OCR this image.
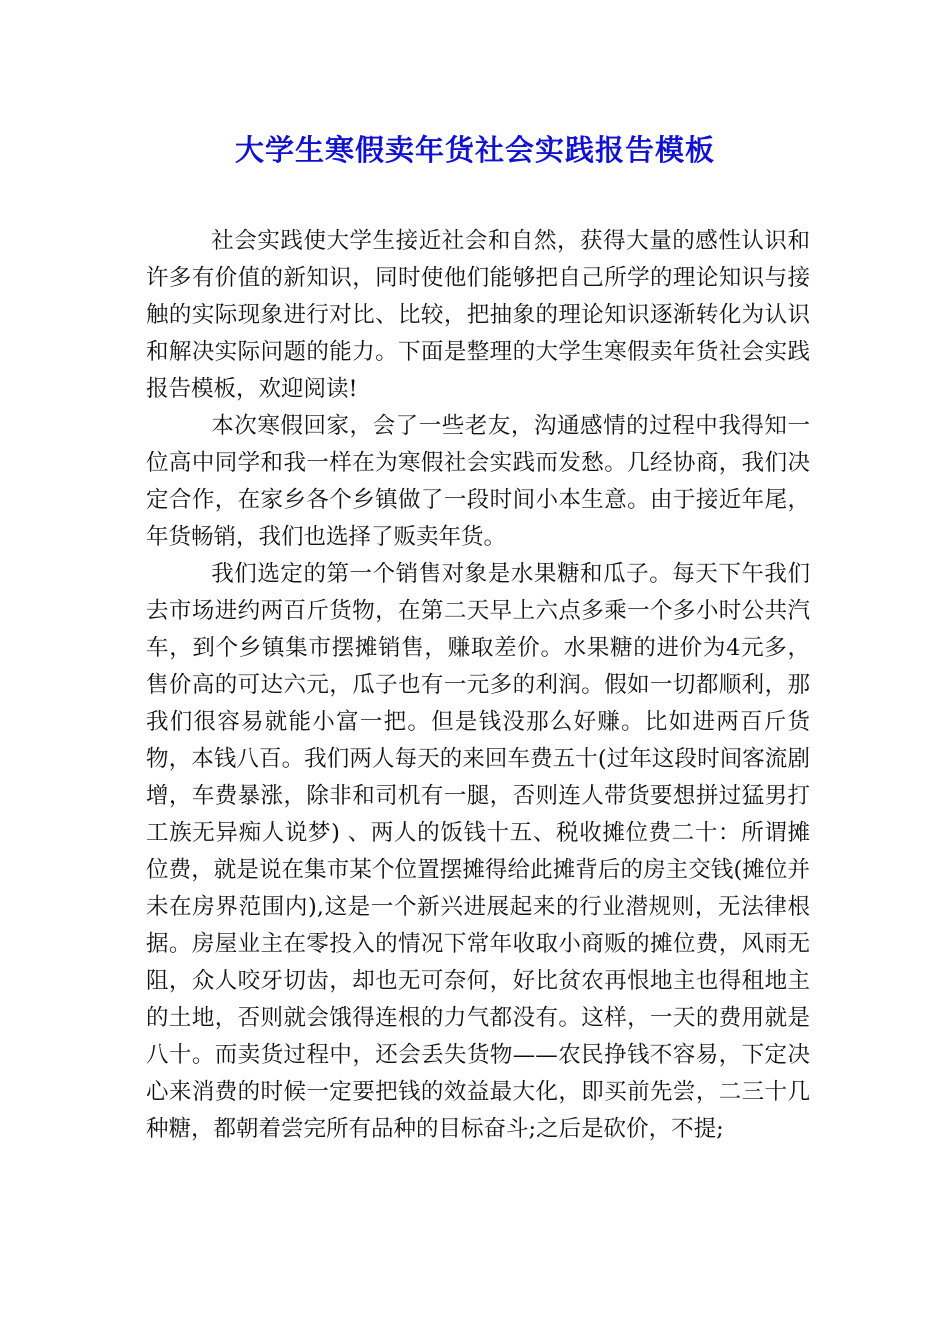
大学生寒假卖年货社会实践报告模板

社会实践使大学生接近社会和自然，获得大量的感性认识和许多有价值的新知识，同时使他们能够把自己所学的理论知识与接触的实际现象进行对比、比较，把抽象的理论知识逐渐转化为认识和解决实际问题的能力。下面是整理的大学生寒假卖年货社会实践报告模板，欢迎阅读!

本次寒假回家，会了一些老友，沟通感情的过程中我得知一位高中同学和我一样在为寒假社会实践而发愁。几经协商，我们决定合作，在家乡各个乡镇做了一段时间小本生意。由于接近年尾，年货畅销，我们也选择了贩卖年货。

我们选定的第一个销售对象是水果糖和瓜子。每天下午我们去市场进约两百斤货物，在第二天早上六点多乘一个多小时公共汽车，到个乡镇集市摆摊销售，赚取差价。水果糖的进价为4元多，售价高的可达六元，瓜子也有一元多的利润。假如一切都顺利，那我们很容易就能小富一把。但是钱没那么好赚。比如进两百斤货物，本钱八百。我们两人每天的来回车费五十(过年这段时间客流剧增，车费暴涨，除非和司机有一腿，否则连人带货要想拼过猛男打工族无异痴人说梦) 、两人的饭钱十五、税收摊位费二十：所谓摊位费，就是说在集市某个位置摆摊得给此摊背后的房主交钱(摊位并未在房界范围内),这是一个新兴进展起来的行业潜规则，无法律根据。房屋业主在零投入的情况下常年收取小商贩的摊位费，风雨无阻，众人咬牙切齿，却也无可奈何，好比贫农再恨地主也得租地主的土地，否则就会饿得连根的力气都没有。这样，一天的费用就是八十。而卖货过程中，还会丢失货物——农民挣钱不容易，下定决心来消费的时候一定要把钱的效益最大化，即买前先尝，二三十几种糖，都朝着尝完所有品种的目标奋斗;之后是砍价，不提;
